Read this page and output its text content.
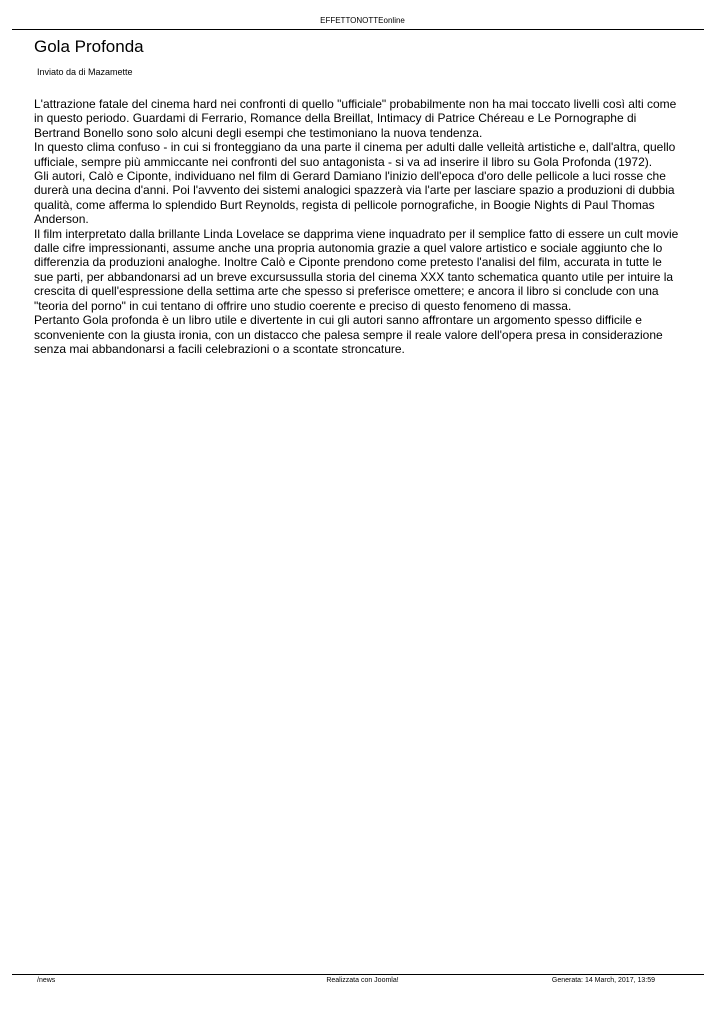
EFFETTONOTTEonline
Gola Profonda
Inviato da di Mazamette

L'attrazione fatale del cinema hard nei confronti di quello "ufficiale" probabilmente non ha mai toccato livelli così alti come in questo periodo. Guardami di Ferrario, Romance della Breillat, Intimacy di Patrice Chéreau e Le Pornographe di Bertrand Bonello sono solo alcuni degli esempi che testimoniano la nuova tendenza.

In questo clima confuso - in cui si fronteggiano da una parte il cinema per adulti dalle velleità artistiche e, dall'altra, quello ufficiale, sempre più ammiccante nei confronti del suo antagonista - si va ad inserire il libro su Gola Profonda (1972).

Gli autori, Calò e Ciponte, individuano nel film di Gerard Damiano l'inizio dell'epoca d'oro delle pellicole a luci rosse che durerà una decina d'anni. Poi l'avvento dei sistemi analogici spazzerà via l'arte per lasciare spazio a produzioni di dubbia qualità, come afferma lo splendido Burt Reynolds, regista di pellicole pornografiche, in Boogie Nights di Paul Thomas Anderson.

Il film interpretato dalla brillante Linda Lovelace se dapprima viene inquadrato per il semplice fatto di essere un cult movie dalle cifre impressionanti, assume anche una propria autonomia grazie a quel valore artistico e sociale aggiunto che lo differenzia da produzioni analoghe. Inoltre Calò e Ciponte prendono come pretesto l'analisi del film, accurata in tutte le sue parti, per abbandonarsi ad un breve excursussulla storia del cinema XXX tanto schematica quanto utile per intuire la crescita di quell'espressione della settima arte che spesso si preferisce omettere; e ancora il libro si conclude con una "teoria del porno" in cui tentano di offrire uno studio coerente e preciso di questo fenomeno di massa.

Pertanto Gola profonda è un libro utile e divertente in cui gli autori sanno affrontare un argomento spesso difficile e sconveniente con la giusta ironia, con un distacco che palesa sempre il reale valore dell'opera presa in considerazione senza mai abbandonarsi a facili celebrazioni o a scontate stroncature.

Realizzata con Joomla!
/news	Generata: 14 March, 2017, 13:59
